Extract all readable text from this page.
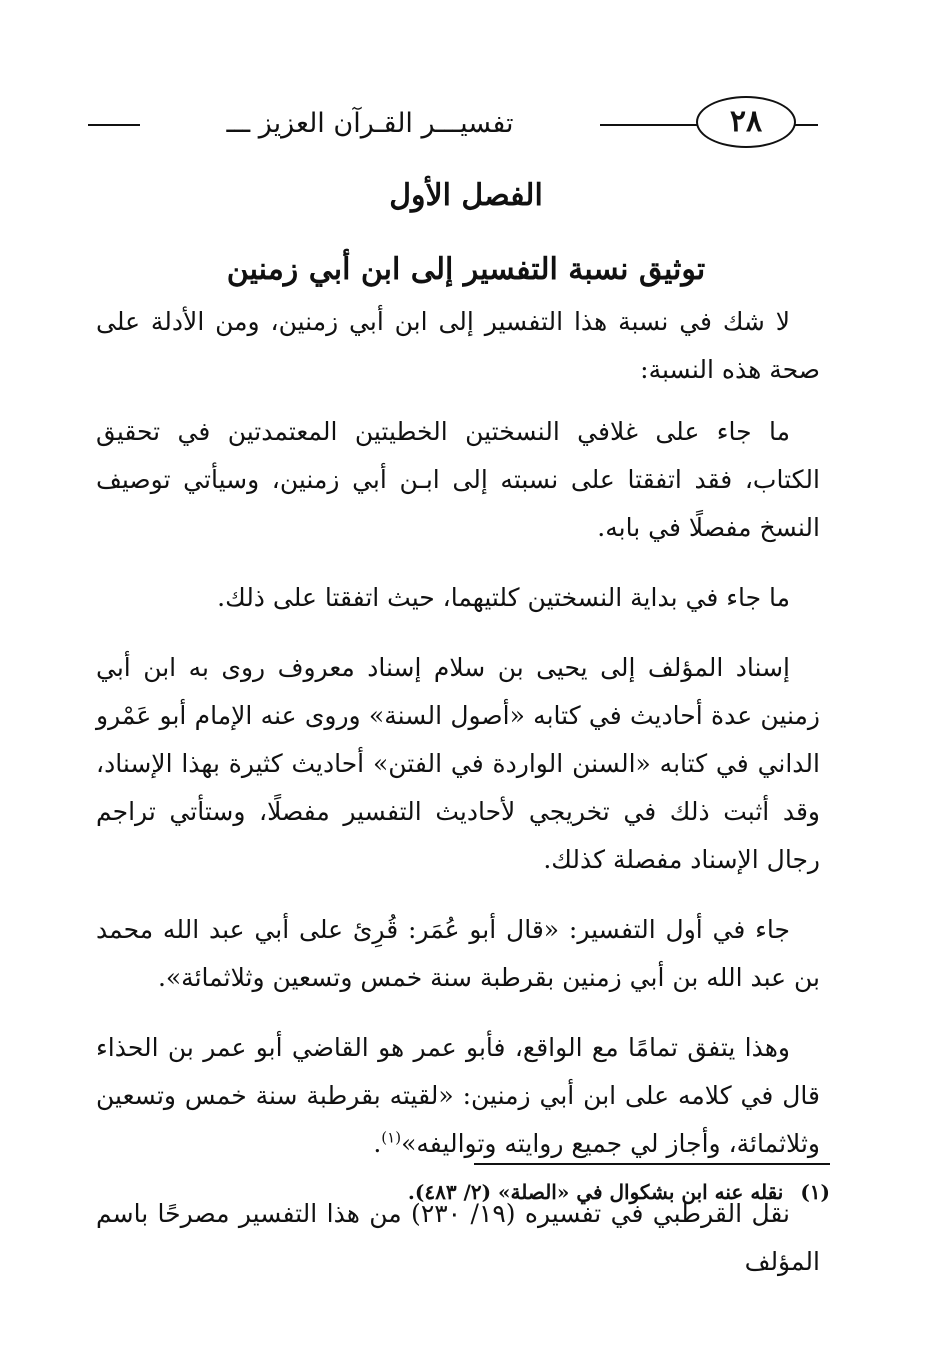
٢٨
تفسيـــر القـرآن العزيز ـــ
الفصل الأول
توثيق نسبة التفسير إلى ابن أبي زمنين

لا شك في نسبة هذا التفسير إلى ابن أبي زمنين، ومن الأدلة على صحة هذه النسبة:

ما جاء على غلافي النسختين الخطيتين المعتمدتين في تحقيق الكتاب، فقد اتفقتا على نسبته إلى ابـن أبي زمنين، وسيأتي توصيف النسخ مفصلًا في بابه.

ما جاء في بداية النسختين كلتيهما، حيث اتفقتا على ذلك.

إسناد المؤلف إلى يحيى بن سلام إسناد معروف روى به ابن أبي زمنين عدة أحاديث في كتابه «أصول السنة» وروى عنه الإمام أبو عَمْرو الداني في كتابه «السنن الواردة في الفتن» أحاديث كثيرة بهذا الإسناد، وقد أثبت ذلك في تخريجي لأحاديث التفسير مفصلًا، وستأتي تراجم رجال الإسناد مفصلة كذلك.

جاء في أول التفسير: «قال أبو عُمَر: قُرِئ على أبي عبد الله محمد بن عبد الله بن أبي زمنين بقرطبة سنة خمس وتسعين وثلاثمائة».

وهذا يتفق تمامًا مع الواقع، فأبو عمر هو القاضي أبو عمر بن الحذاء قال في كلامه على ابن أبي زمنين: «لقيته بقرطبة سنة خمس وتسعين وثلاثمائة، وأجاز لي جميع روايته وتواليفه»$^{(١)}$.

نقل القرطبي في تفسيره (١٩/ ٢٣٠) من هذا التفسير مصرحًا باسم المؤلف

(١) نقله عنه ابن بشكوال في «الصلة» (٢/ ٤٨٣).
